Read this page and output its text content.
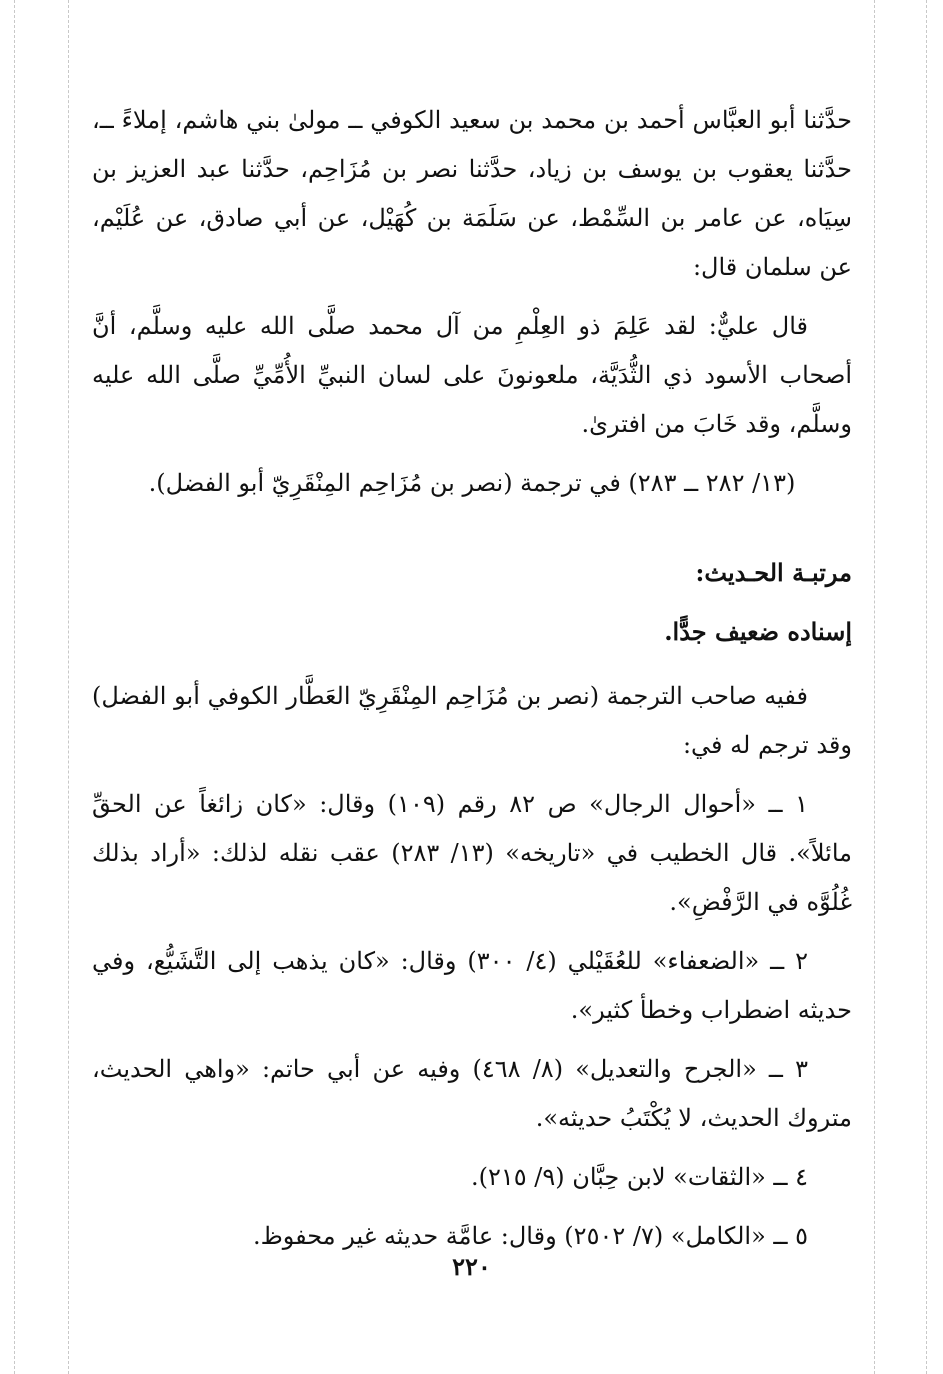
حدَّثنا أبو العبَّاس أحمد بن محمد بن سعيد الكوفي ــ مولىٰ بني هاشم، إملاءً ــ، حدَّثنا يعقوب بن يوسف بن زياد، حدَّثنا نصر بن مُزَاحِم، حدَّثنا عبد العزيز بن سِيَاه، عن عامر بن السِّمْط، عن سَلَمَة بن كُهَيْل، عن أبي صادق، عن عُلَيْم، عن سلمان قال:

قال عليٌّ: لقد عَلِمَ ذو العِلْمِ من آل محمد صلَّى الله عليه وسلَّم، أنَّ أصحاب الأسود ذي الثُّدَيَّة، ملعونونَ على لسان النبيِّ الأُمِّيِّ صلَّى الله عليه وسلَّم، وقد خَابَ من افترىٰ.

(١٣/ ٢٨٢ ــ ٢٨٣) في ترجمة (نصر بن مُزَاحِم المِنْقَرِيّ أبو الفضل).

مرتبـة الحـديث:

إسناده ضعيف جدًّا.

ففيه صاحب الترجمة (نصر بن مُزَاحِم المِنْقَرِيّ العَطَّار الكوفي أبو الفضل) وقد ترجم له في:

١ ــ «أحوال الرجال» ص ٨٢ رقم (١٠٩) وقال: «كان زائغاً عن الحقِّ مائلاً». قال الخطيب في «تاريخه» (١٣/ ٢٨٣) عقب نقله لذلك: «أراد بذلك غُلُوَّه في الرَّفْضِ».

٢ ــ «الضعفاء» للعُقَيْلي (٤/ ٣٠٠) وقال: «كان يذهب إلى التَّشَيُّع، وفي حديثه اضطراب وخطأ كثير».

٣ ــ «الجرح والتعديل» (٨/ ٤٦٨) وفيه عن أبي حاتم: «واهي الحديث، متروك الحديث، لا يُكْتَبُ حديثه».

٤ ــ «الثقات» لابن حِبَّان (٩/ ٢١٥).

٥ ــ «الكامل» (٧/ ٢٥٠٢) وقال: عامَّة حديثه غير محفوظ.

٢٢٠
